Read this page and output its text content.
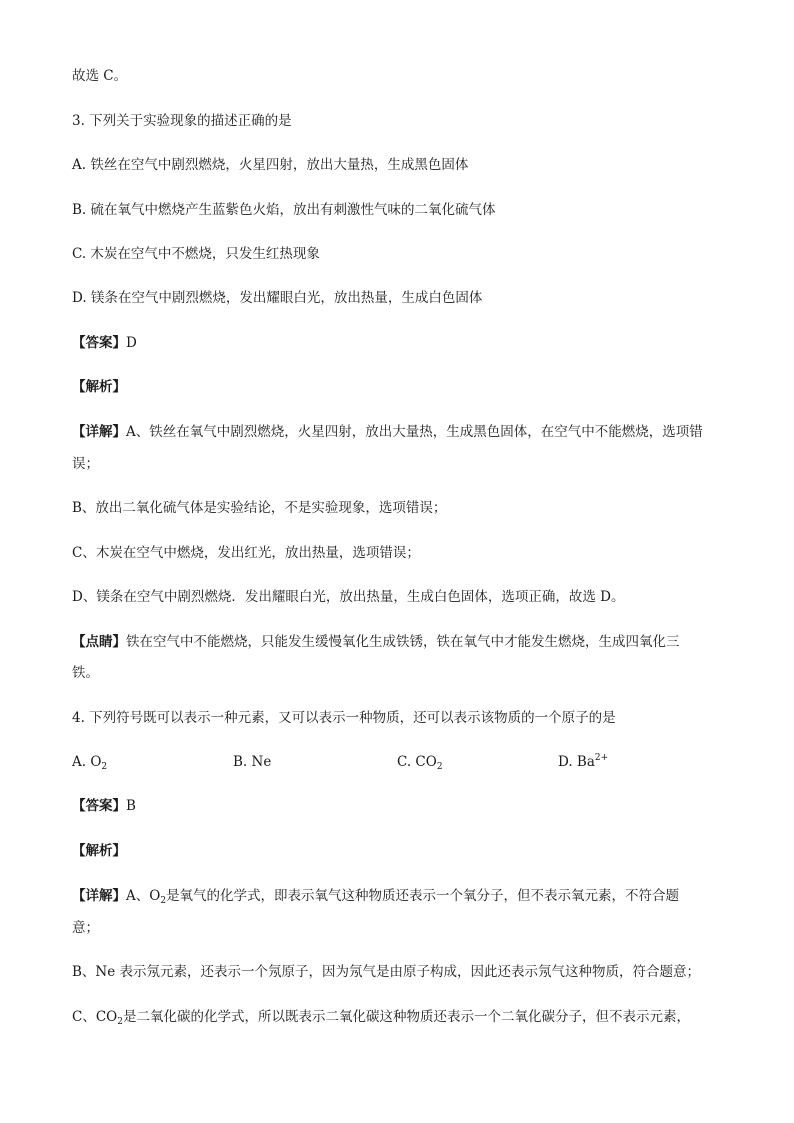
故选 C。
3. 下列关于实验现象的描述正确的是
A. 铁丝在空气中剧烈燃烧，火星四射，放出大量热，生成黑色固体
B. 硫在氧气中燃烧产生蓝紫色火焰，放出有刺激性气味的二氧化硫气体
C. 木炭在空气中不燃烧，只发生红热现象
D. 镁条在空气中剧烈燃烧，发出耀眼白光，放出热量，生成白色固体
【答案】D
【解析】
【详解】A、铁丝在氧气中剧烈燃烧，火星四射，放出大量热，生成黑色固体，在空气中不能燃烧，选项错
误；
B、放出二氧化硫气体是实验结论，不是实验现象，选项错误；
C、木炭在空气中燃烧，发出红光，放出热量，选项错误；
D、镁条在空气中剧烈燃烧．发出耀眼白光，放出热量，生成白色固体，选项正确，故选 D。
【点睛】铁在空气中不能燃烧，只能发生缓慢氧化生成铁锈，铁在氧气中才能发生燃烧，生成四氧化三
铁。
4. 下列符号既可以表示一种元素，又可以表示一种物质，还可以表示该物质的一个原子的是
A. $O_2$	B. Ne	C. $CO_2$	D. $Ba^{2+}$
【答案】B
【解析】
【详解】A、$O_2$是氧气的化学式，即表示氧气这种物质还表示一个氧分子，但不表示氧元素，不符合题
意；
B、Ne 表示氖元素，还表示一个氖原子，因为氖气是由原子构成，因此还表示氖气这种物质，符合题意；
C、$CO_2$是二氧化碳的化学式，所以既表示二氧化碳这种物质还表示一个二氧化碳分子，但不表示元素，
